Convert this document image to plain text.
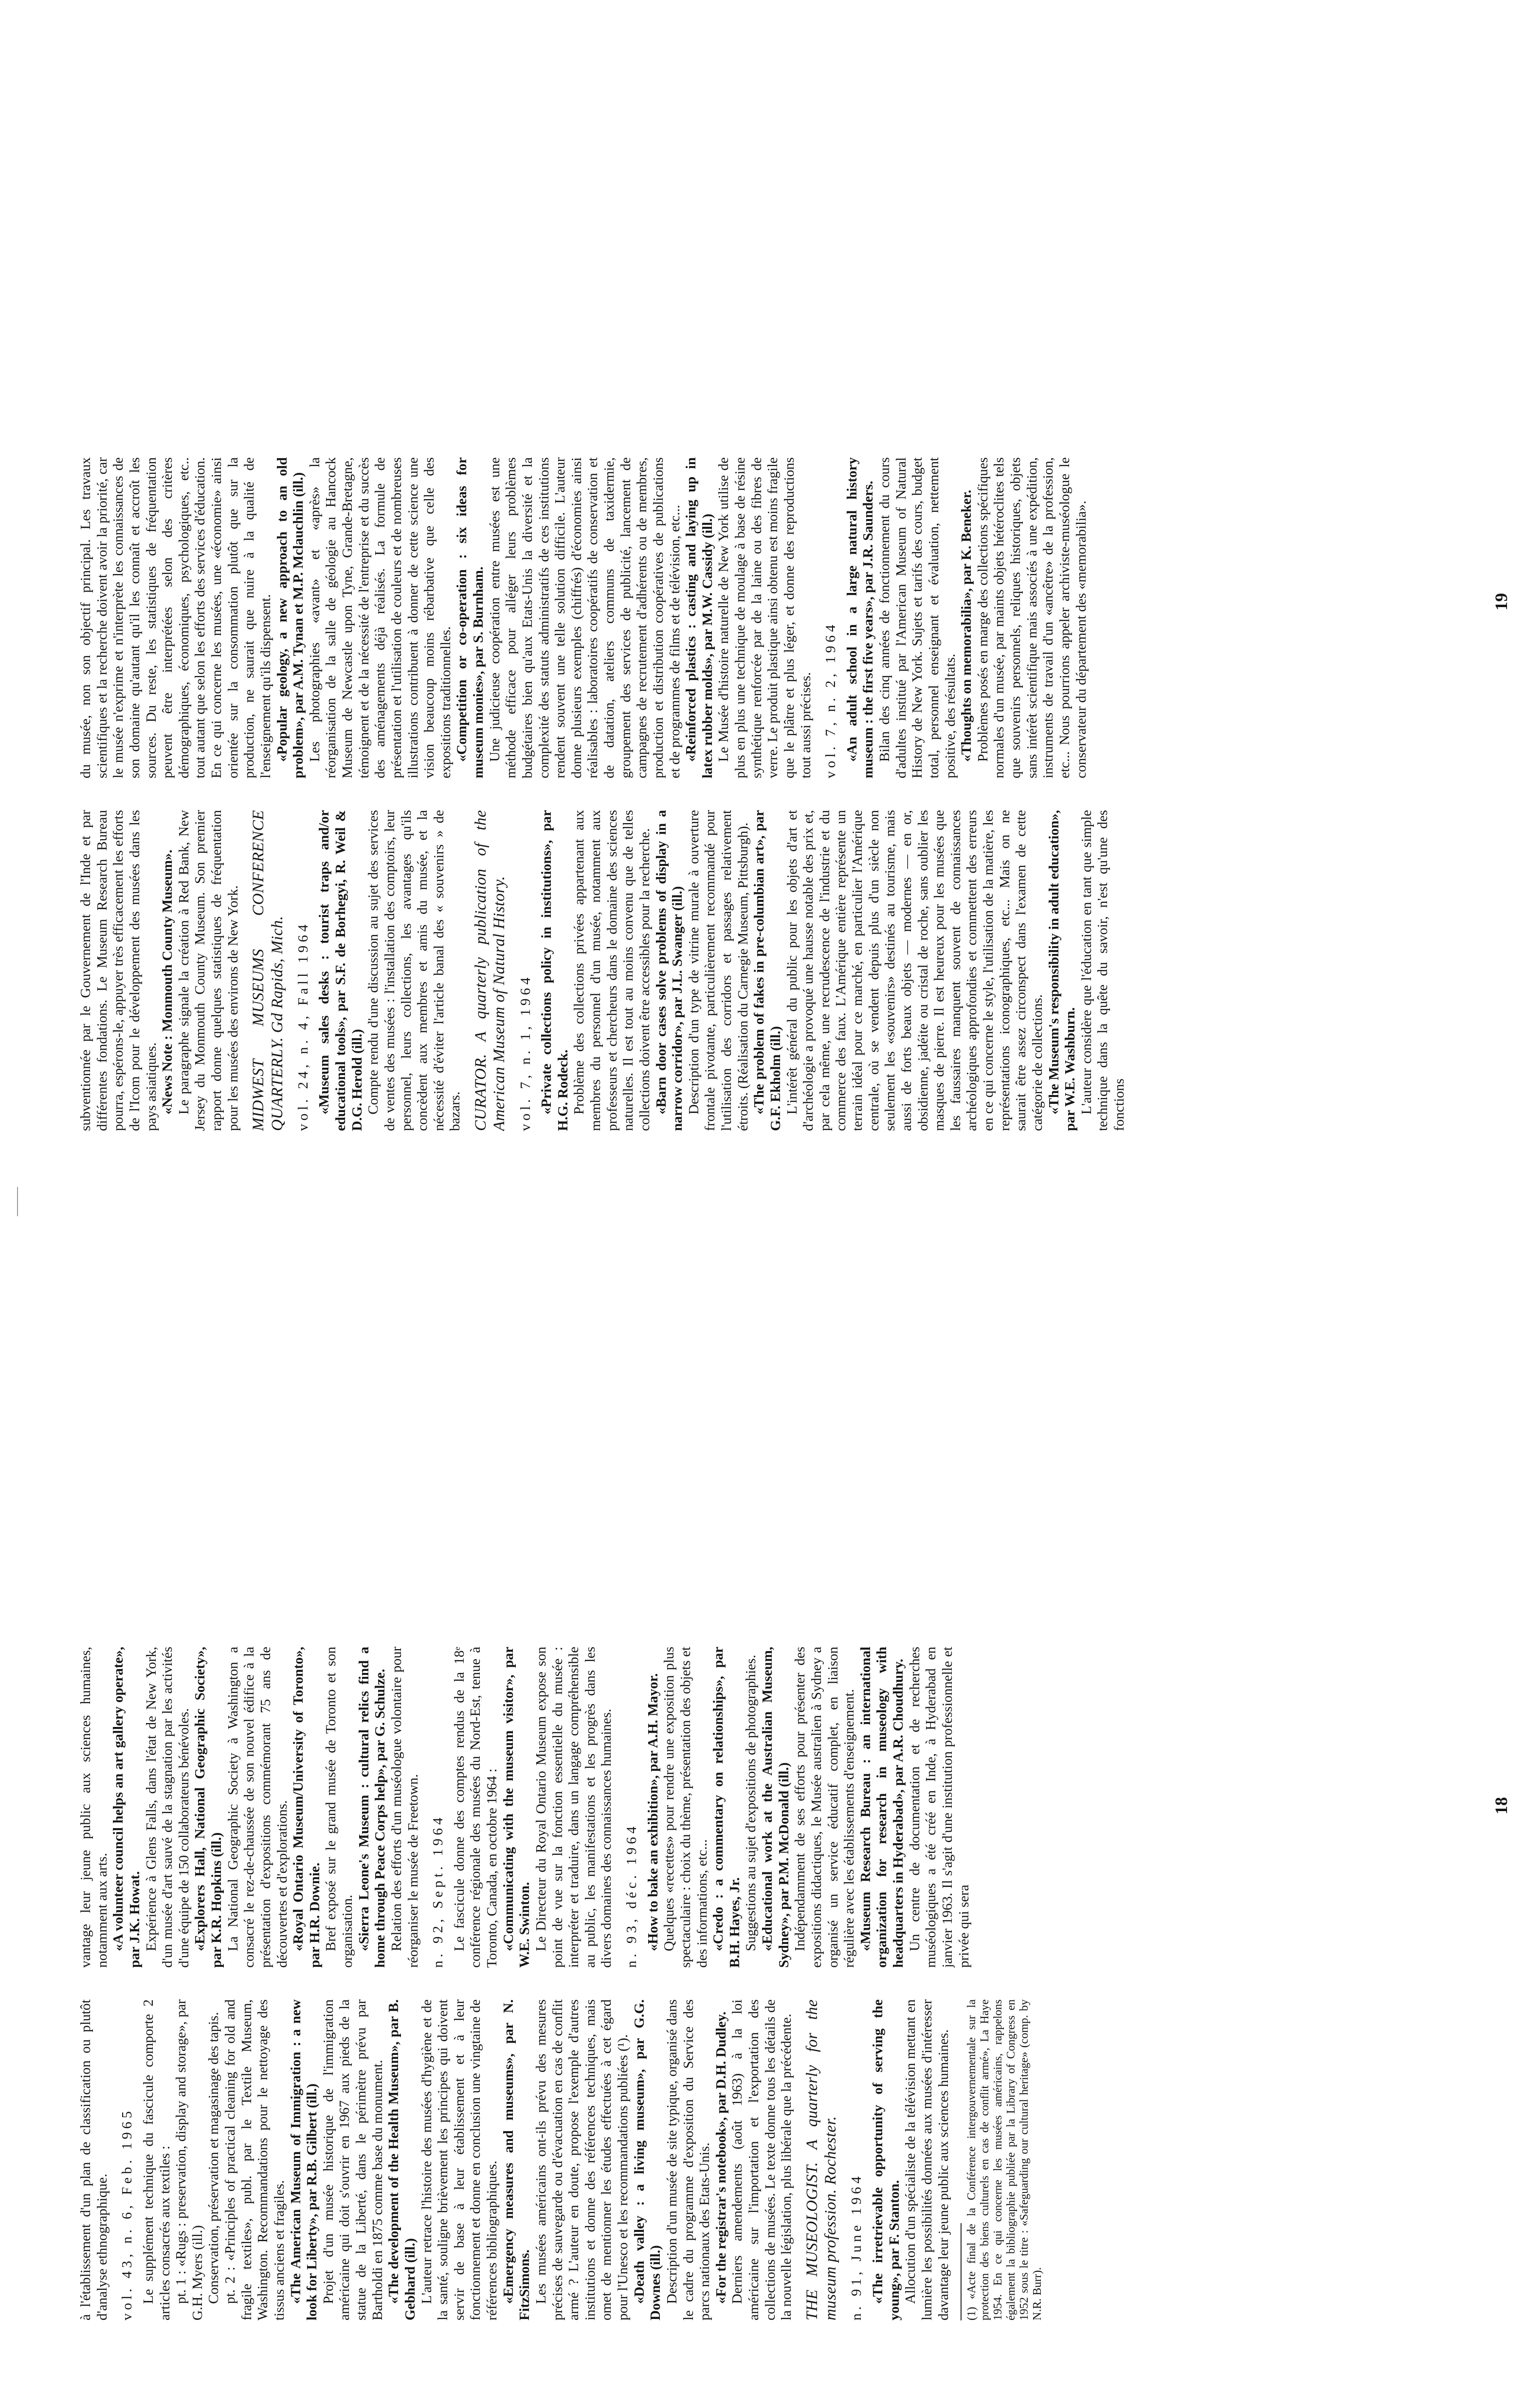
à l'établissement d'un plan de classification ou plutôt d'analyse ethnographique. vol. 43, n. 6, Feb. 1965 Le supplément technique du fascicule comporte 2 articles consacrés aux textiles : pt. 1 : «Rugs : preservation, display and storage», par G.H. Myers (ill.) Conservation, préservation et magasinage des tapis. pt. 2 : «Principles of practical cleaning for old and fragile textiles», publ. par le Textile Museum, Washington. Recommandations pour le nettoyage des tissus anciens et fragiles. «The American Museum of Immigration : a new look for Liberty», par R.B. Gilbert (ill.) Projet d'un musée historique de l'immigration américaine qui doit s'ouvrir en 1967 aux pieds de la statue de la Liberté, dans le périmètre prévu par Bartholdi en 1875 comme base du monument. «The development of the Health Museum», par B. Gebhard (ill.) L'auteur retrace l'histoire des musées d'hygiène et de la santé, souligne brièvement les principes qui doivent servir de base à leur établissement et à leur fonctionnement et donne en conclusion une vingtaine de références bibliographiques. «Emergency measures and museums», par N. FitzSimons. Les musées américains ont-ils prévu des mesures précises de sauvegarde ou d'évacuation en cas de conflit armé ? L'auteur en doute, propose l'exemple d'autres institutions et donne des références techniques, mais omet de mentionner les études effectuées à cet égard pour l'Unesco et les recommandations publiées (¹). «Death valley : a living museum», par G.G. Downes (ill.) Description d'un musée de site typique, organisé dans le cadre du programme d'exposition du Service des parcs nationaux des Etats-Unis. «For the registrar's notebook», par D.H. Dudley. Derniers amendements (août 1963) à la loi américaine sur l'importation et l'exportation des collections de musées. Le texte donne tous les détails de la nouvelle législation, plus libérale que la précédente. THE MUSEOLOGIST. A quarterly for the museum profession. Rochester. n. 91, June 1964 «The irretrievable opportunity of serving the young», par F. Stanton. Allocution d'un spécialiste de la télévision mettant en lumière les possibilités données aux musées d'intéresser davantage leur jeune public aux sciences humaines. (1) «Acte final de la Conférence intergouvernementale sur la protection des biens culturels en cas de conflit armé», La Haye 1954. En ce qui concerne les musées américains, rappelons également la bibliographie publiée par la Library of Congress en 1952 sous le titre : «Safeguarding our cultural heritage» (comp. by N.R. Burr).

vantage leur jeune public aux sciences humaines, notamment aux arts. «A volunteer council helps an art gallery operate», par J.K. Howat. Expérience à Glens Falls, dans l'état de New York, d'un musée d'art sauvé de la stagnation par les activités d'une équipe de 150 collaborateurs bénévoles. «Explorers Hall, National Geographic Society», par K.R. Hopkins (ill.) La National Geographic Society à Washington a consacré le rez-de-chaussée de son nouvel édifice à la présentation d'expositions commémorant 75 ans de découvertes et d'explorations. «Royal Ontario Museum/University of Toronto», par H.R. Downie. Bref exposé sur le grand musée de Toronto et son organisation. «Sierra Leone's Museum : cultural relics find a home through Peace Corps help», par G. Schulze. Relation des efforts d'un muséologue volontaire pour réorganiser le musée de Freetown. n. 92, Sept. 1964 Le fascicule donne des comptes rendus de la 18ᵉ conférence régionale des musées du Nord-Est, tenue à Toronto, Canada, en octobre 1964 : «Communicating with the museum visitor», par W.E. Swinton. Le Directeur du Royal Ontario Museum expose son point de vue sur la fonction essentielle du musée : interpréter et traduire, dans un langage compréhensible au public, les manifestations et les progrès dans les divers domaines des connaissances humaines. n. 93, déc. 1964 «How to bake an exhibition», par A.H. Mayor. Quelques «recettes» pour rendre une exposition plus spectaculaire : choix du thème, présentation des objets et des informations, etc... «Credo : a commentary on relationships», par B.H. Hayes, Jr. Suggestions au sujet d'expositions de photographies. «Educational work at the Australian Museum, Sydney», par P.M. McDonald (ill.) Indépendamment de ses efforts pour présenter des expositions didactiques, le Musée australien à Sydney a organisé un service éducatif complet, en liaison régulière avec les établissements d'enseignement. «Museum Research Bureau : an international organization for research in museology with headquarters in Hyderabad», par A.R. Choudhury. Un centre de documentation et de recherches muséologiques a été créé en Inde, à Hyderabad en janvier 1963. Il s'agit d'une institution professionnelle et privée qui sera

18

subventionnée par le Gouvernement de l'Inde et par différentes fondations. Le Museum Research Bureau pourra, espérons-le, appuyer très efficacement les efforts de l'Icom pour le développement des musées dans les pays asiatiques. «News Note : Monmouth County Museum». Le paragraphe signale la création à Red Bank, New Jersey du Monmouth County Museum. Son premier rapport donne quelques statistiques de fréquentation pour les musées des environs de New York. MIDWEST MUSEUMS CONFERENCE QUARTERLY. Gd Rapids, Mich. vol. 24, n. 4, Fall 1964 «Museum sales desks : tourist traps and/or educational tools», par S.F. de Borhegyi, R. Weil & D.G. Herold (ill.) Compte rendu d'une discussion au sujet des services de ventes des musées : l'installation des comptoirs, leur personnel, leurs collections, les avantages qu'ils concèdent aux membres et amis du musée, et la nécessité d'éviter l'article banal des « souvenirs » de bazars. CURATOR. A quarterly publication of the American Museum of Natural History. vol. 7, n. 1, 1964 «Private collections policy in institutions», par H.G. Rodeck. Problème des collections privées appartenant aux membres du personnel d'un musée, notamment aux professeurs et chercheurs dans le domaine des sciences naturelles. Il est tout au moins convenu que de telles collections doivent être accessibles pour la recherche. «Barn door cases solve problems of display in a narrow corridor», par J.L. Swanger (ill.) Description d'un type de vitrine murale à ouverture frontale pivotante, particulièrement recommandé pour l'utilisation des corridors et passages relativement étroits. (Réalisation du Carnegie Museum, Pittsburgh). «The problem of fakes in pre-columbian art», par G.F. Ekholm (ill.) L'intérêt général du public pour les objets d'art et d'archéologie a provoqué une hausse notable des prix et, par cela même, une recrudescence de l'industrie et du commerce des faux. L'Amérique entière représente un terrain idéal pour ce marché, en particulier l'Amérique centrale, où se vendent depuis plus d'un siècle non seulement les «souvenirs» destinés au tourisme, mais aussi de forts beaux objets — modernes — en or, obsidienne, jadéite ou cristal de roche, sans oublier les masques de pierre. Il est heureux pour les musées que les faussaires manquent souvent de connaissances archéologiques approfondies et commettent des erreurs en ce qui concerne le style, l'utilisation de la matière, les représentations iconographiques, etc... Mais on ne saurait être assez circonspect dans l'examen de cette catégorie de collections. «The Museum's responsibility in adult education», par W.E. Washburn. L'auteur considère que l'éducation en tant que simple technique dans la quête du savoir, n'est qu'une des fonctions

du musée, non son objectif principal. Les travaux scientifiques et la recherche doivent avoir la priorité, car le musée n'exprime et n'interprète les connaissances de son domaine qu'autant qu'il les connaît et accroît les sources. Du reste, les statistiques de fréquentation peuvent être interprétées selon des critères démographiques, économiques, psychologiques, etc.. tout autant que selon les efforts des services d'éducation. En ce qui concerne les musées, une «économie» ainsi orientée sur la consommation plutôt que sur la production, ne saurait que nuire à la qualité de l'enseignement qu'ils dispensent. «Popular geology, a new approach to an old problem», par A.M. Tynan et M.P. Mclauchlin (ill.) Les photographies «avant» et «après» la réorganisation de la salle de géologie au Hancock Museum de Newcastle upon Tyne, Grande-Bretagne, témoignent et de la nécessité de l'entreprise et du succès des aménagements déjà réalisés. La formule de présentation et l'utilisation de couleurs et de nombreuses illustrations contribuent à donner de cette science une vision beaucoup moins rébarbative que celle des expositions traditionnelles. «Competition or co-operation : six ideas for museum monies», par S. Burnham. Une judicieuse coopération entre musées est une méthode efficace pour alléger leurs problèmes budgétaires bien qu'aux Etats-Unis la diversité et la complexité des statuts administratifs de ces institutions rendent souvent une telle solution difficile. L'auteur donne plusieurs exemples (chiffrés) d'économies ainsi réalisables : laboratoires coopératifs de conservation et de datation, ateliers communs de taxidermie, groupement des services de publicité, lancement de campagnes de recrutement d'adhérents ou de membres, production et distribution coopératives de publications et de programmes de films et de télévision, etc... «Reinforced plastics : casting and laying up in latex rubber molds», par M.W. Cassidy (ill.) Le Musée d'histoire naturelle de New York utilise de plus en plus une technique de moulage à base de résine synthétique renforcée par de la laine ou des fibres de verre. Le produit plastique ainsi obtenu est moins fragile que le plâtre et plus léger, et donne des reproductions tout aussi précises. vol. 7, n. 2, 1964 «An adult school in a large natural history museum : the first five years», par J.R. Saunders. Bilan des cinq années de fonctionnement du cours d'adultes institué par l'American Museum of Natural History de New York. Sujets et tarifs des cours, budget total, personnel enseignant et évaluation, nettement positive, des résultats. «Thoughts on memorabilia», par K. Beneker. Problèmes posés en marge des collections spécifiques normales d'un musée, par maints objets hétéroclites tels que souvenirs personnels, reliques historiques, objets sans intérêt scientifique mais associés à une expédition, instruments de travail d'un «ancêtre» de la profession, etc... Nous pourrions appeler archiviste-muséologue le conservateur du département des «memorabilia».	19
